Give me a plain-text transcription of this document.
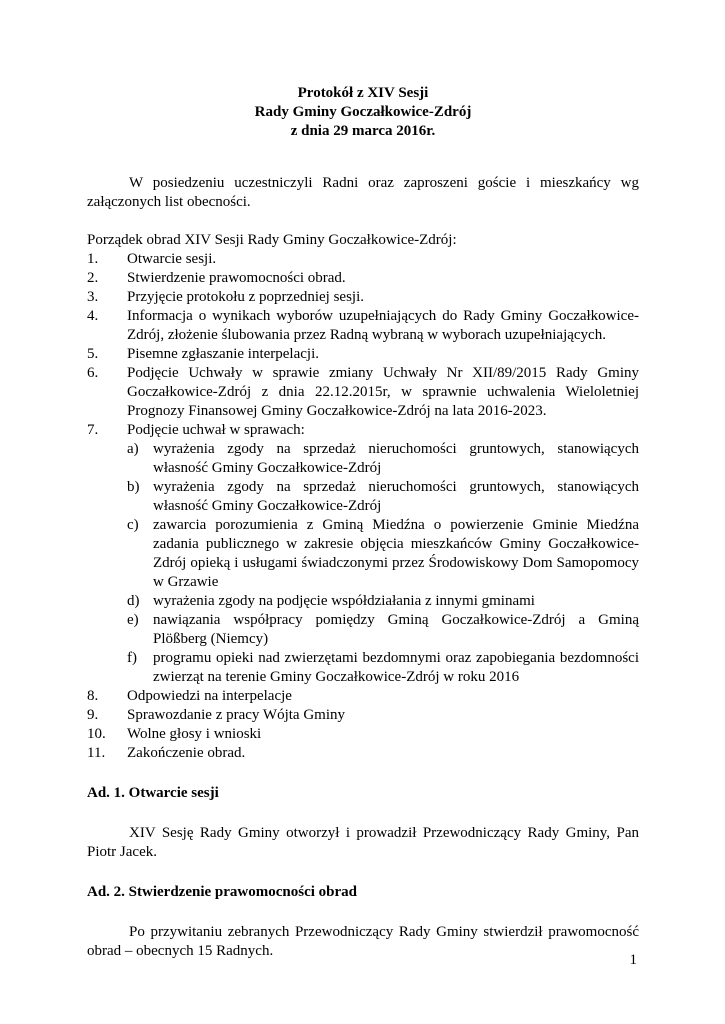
Protokół z XIV Sesji

Rady Gminy Goczałkowice-Zdrój

z dnia 29 marca 2016r.

W posiedzeniu uczestniczyli Radni oraz zaproszeni goście i mieszkańcy wg załączonych list obecności.

Porządek obrad XIV Sesji Rady Gminy Goczałkowice-Zdrój:

1.	Otwarcie sesji.
2.	Stwierdzenie prawomocności obrad.
3.	Przyjęcie protokołu z poprzedniej sesji.
4.	Informacja o wynikach wyborów uzupełniających do Rady Gminy Goczałkowice-Zdrój, złożenie ślubowania przez Radną wybraną w wyborach uzupełniających.
5.	Pisemne zgłaszanie interpelacji.
6.	Podjęcie Uchwały w sprawie zmiany Uchwały Nr XII/89/2015 Rady Gminy Goczałkowice-Zdrój z dnia 22.12.2015r, w sprawnie uchwalenia Wieloletniej Prognozy Finansowej Gminy Goczałkowice-Zdrój na lata 2016-2023.
7.	Podjęcie uchwał w sprawach:
a) wyrażenia zgody na sprzedaż nieruchomości gruntowych, stanowiących własność Gminy Goczałkowice-Zdrój
b) wyrażenia zgody na sprzedaż nieruchomości gruntowych, stanowiących własność Gminy Goczałkowice-Zdrój
c) zawarcia porozumienia z Gminą Miedźna o powierzenie Gminie Miedźna zadania publicznego w zakresie objęcia mieszkańców Gminy Goczałkowice-Zdrój opieką i usługami świadczonymi przez Środowiskowy Dom Samopomocy w Grzawie
d) wyrażenia zgody na podjęcie współdziałania z innymi gminami
e) nawiązania współpracy pomiędzy Gminą Goczałkowice-Zdrój a Gminą Plößberg (Niemcy)
f) programu opieki nad zwierzętami bezdomnymi oraz zapobiegania bezdomności zwierząt na terenie Gminy Goczałkowice-Zdrój w roku 2016
8.	Odpowiedzi na interpelacje
9.	Sprawozdanie z pracy Wójta Gminy
10.	Wolne głosy i wnioski
11.	Zakończenie obrad.

Ad. 1. Otwarcie sesji

XIV Sesję Rady Gminy otworzył i prowadził Przewodniczący Rady Gminy, Pan Piotr Jacek.

Ad. 2. Stwierdzenie prawomocności obrad

Po przywitaniu zebranych Przewodniczący Rady Gminy stwierdził prawomocność obrad – obecnych 15 Radnych.

1
